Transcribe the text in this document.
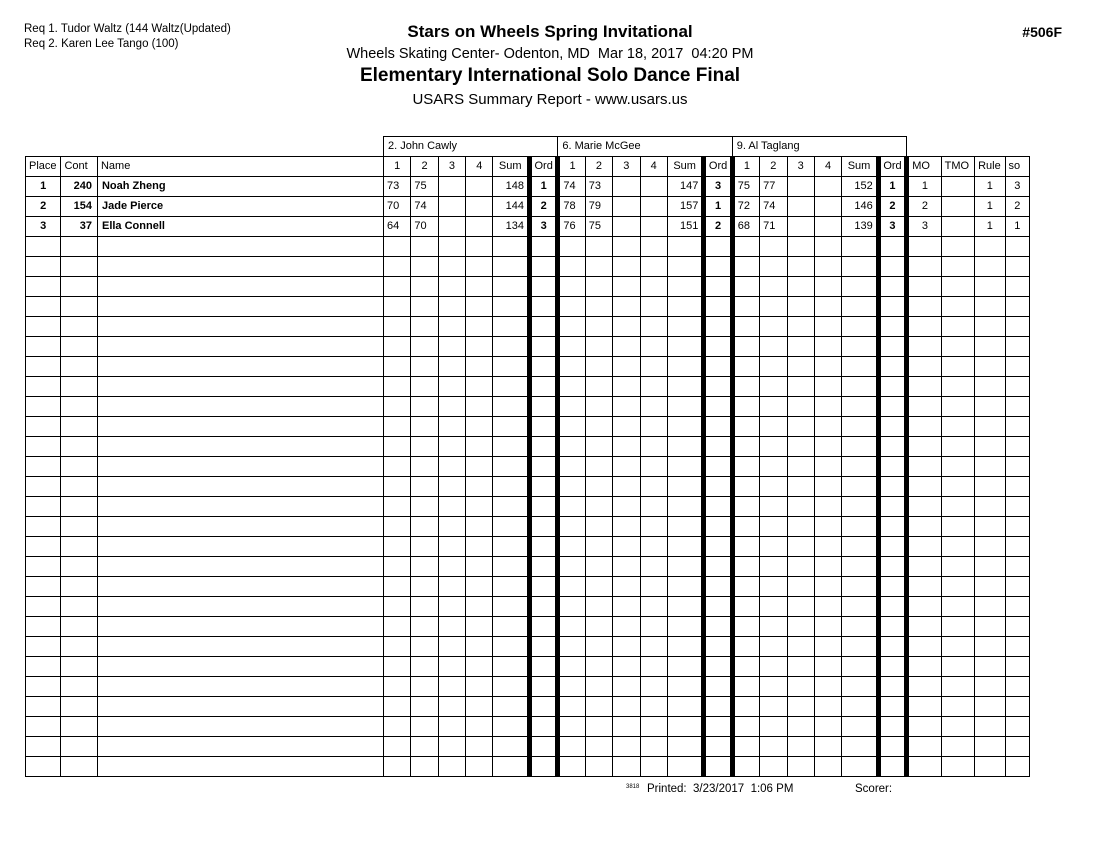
Req 1. Tudor Waltz (144 Waltz(Updated)
Req 2. Karen Lee Tango (100)
Stars on Wheels Spring Invitational
Wheels Skating Center- Odenton, MD  Mar 18, 2017  04:20 PM
Elementary International Solo Dance Final
USARS Summary Report - www.usars.us
#506F
			2. John Cawly						6. Marie McGee						9. Al Taglang									
Place	Cont	Name	1	2	3	4	Sum	Ord	1	2	3	4	Sum	Ord	1	2	3	4	Sum	Ord	MO	TMO	Rule	so
1	240	Noah Zheng	73	75			148	1	74	73			147	3	75	77			152	1	1		1	3
2	154	Jade Pierce	70	74			144	2	78	79			157	1	72	74			146	2	2		1	2
3	37	Ella Connell	64	70			134	3	76	75			151	2	68	71			139	3	3		1	1

3818 Printed:  3/23/2017  1:06 PM	Scorer:
